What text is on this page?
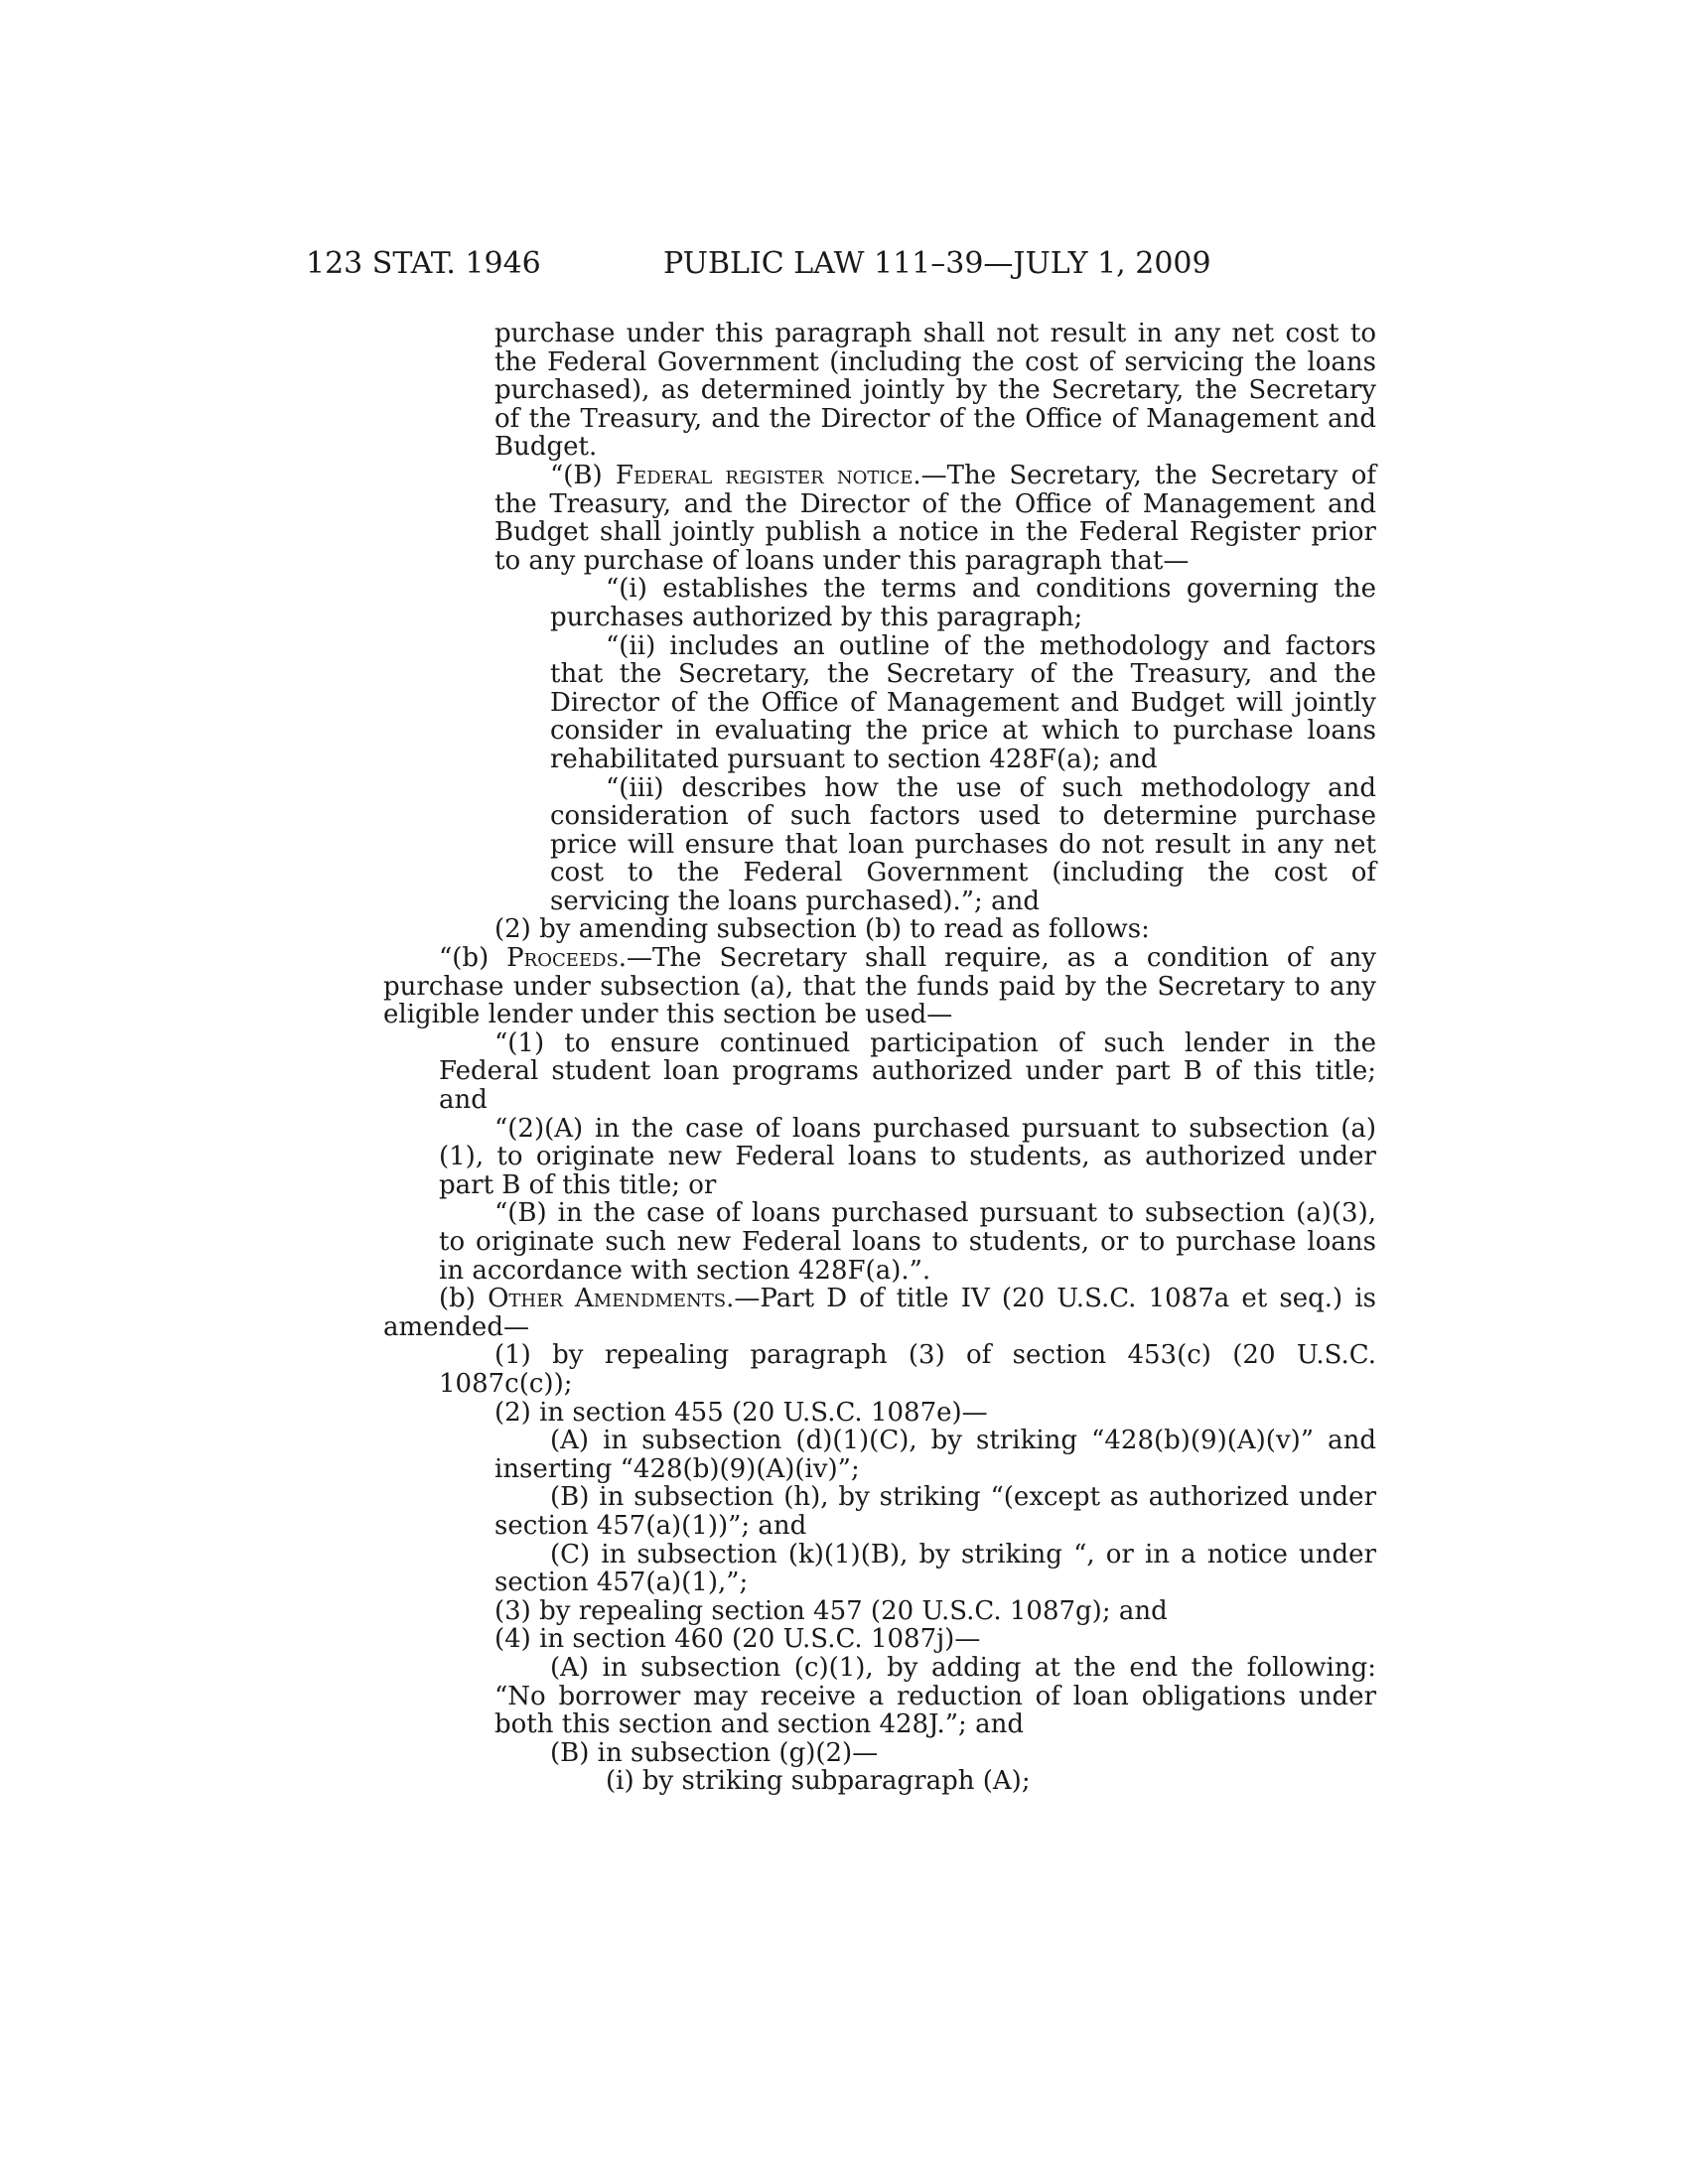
123 STAT. 1946	PUBLIC LAW 111–39—JULY 1, 2009

purchase under this paragraph shall not result in any net cost to the Federal Government (including the cost of servicing the loans purchased), as determined jointly by the Secretary, the Secretary of the Treasury, and the Director of the Office of Management and Budget.

“(B) Federal register notice.—The Secretary, the Secretary of the Treasury, and the Director of the Office of Management and Budget shall jointly publish a notice in the Federal Register prior to any purchase of loans under this paragraph that—

“(i) establishes the terms and conditions governing the purchases authorized by this paragraph;

“(ii) includes an outline of the methodology and factors that the Secretary, the Secretary of the Treasury, and the Director of the Office of Management and Budget will jointly consider in evaluating the price at which to purchase loans rehabilitated pursuant to section 428F(a); and

“(iii) describes how the use of such methodology and consideration of such factors used to determine purchase price will ensure that loan purchases do not result in any net cost to the Federal Government (including the cost of servicing the loans purchased).”; and

(2) by amending subsection (b) to read as follows:

“(b) Proceeds.—The Secretary shall require, as a condition of any purchase under subsection (a), that the funds paid by the Secretary to any eligible lender under this section be used—

“(1) to ensure continued participation of such lender in the Federal student loan programs authorized under part B of this title; and

“(2)(A) in the case of loans purchased pursuant to subsection (a)(1), to originate new Federal loans to students, as authorized under part B of this title; or

“(B) in the case of loans purchased pursuant to subsection (a)(3), to originate such new Federal loans to students, or to purchase loans in accordance with section 428F(a).”.

(b) Other Amendments.—Part D of title IV (20 U.S.C. 1087a et seq.) is amended—

(1) by repealing paragraph (3) of section 453(c) (20 U.S.C. 1087c(c));

(2) in section 455 (20 U.S.C. 1087e)—

(A) in subsection (d)(1)(C), by striking “428(b)(9)(A)(v)” and inserting “428(b)(9)(A)(iv)”;

(B) in subsection (h), by striking “(except as authorized under section 457(a)(1))”; and

(C) in subsection (k)(1)(B), by striking “, or in a notice under section 457(a)(1),”;

(3) by repealing section 457 (20 U.S.C. 1087g); and

(4) in section 460 (20 U.S.C. 1087j)—

(A) in subsection (c)(1), by adding at the end the following: “No borrower may receive a reduction of loan obligations under both this section and section 428J.”; and

(B) in subsection (g)(2)—

(i) by striking subparagraph (A);
